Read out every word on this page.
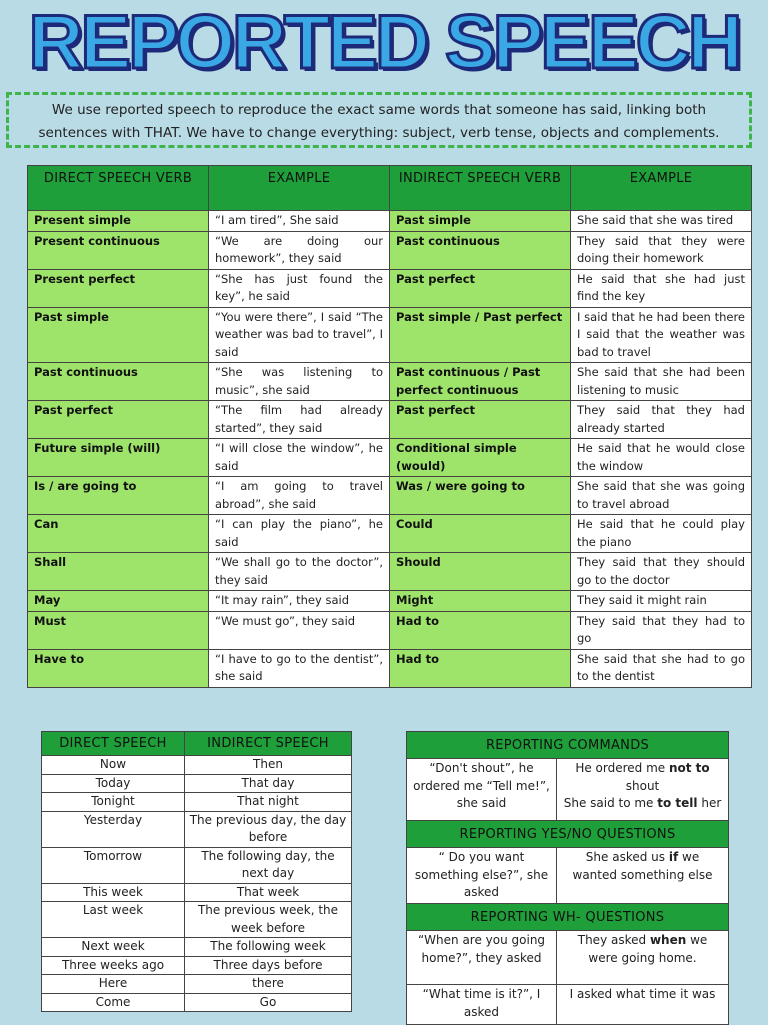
REPORTED SPEECH
We use reported speech to reproduce the exact same words that someone has said, linking both sentences with THAT. We have to change everything: subject, verb tense, objects and complements.
DIRECT SPEECH VERB	EXAMPLE	INDIRECT SPEECH VERB	EXAMPLE
Present simple	“I am tired”, She said	Past simple	She said that she was tired
Present continuous	“We are doing our homework”, they said	Past continuous	They said that they were doing their homework
Present perfect	“She has just found the key”, he said	Past perfect	He said that she had just find the key
Past simple	“You were there”, I said “The weather was bad to travel”, I said	Past simple / Past perfect	I said that he had been there I said that the weather was bad to travel
Past continuous	“She was listening to music”, she said	Past continuous / Past perfect continuous	She said that she had been listening to music
Past perfect	“The film had already started”, they said	Past perfect	They said that they had already started
Future simple (will)	“I will close the window”, he said	Conditional simple (would)	He said that he would close the window
Is / are going to	“I am going to travel abroad”, she said	Was / were going to	She said that she was going to travel abroad
Can	“I can play the piano”, he said	Could	He said that he could play the piano
Shall	“We shall go to the doctor”, they said	Should	They said that they should go to the doctor
May	“It may rain”, they said	Might	They said it might rain
Must	“We must go”, they said	Had to	They said that they had to go
Have to	“I have to go to the dentist”, she said	Had to	She said that she had to go to the dentist
DIRECT SPEECH	INDIRECT SPEECH
Now	Then
Today	That day
Tonight	That night
Yesterday	The previous day, the day before
Tomorrow	The following day, the next day
This week	That week
Last week	The previous week, the week before
Next week	The following week
Three weeks ago	Three days before
Here	there
Come	Go
REPORTING COMMANDS	
“Don't shout”, he ordered me “Tell me!”, she said	He ordered me not to shout
She said to me to tell her
REPORTING YES/NO QUESTIONS	
“ Do you want something else?”, she asked	She asked us if we wanted something else
REPORTING WH- QUESTIONS	
“When are you going home?”, they asked	They asked when we were going home.
“What time is it?”, I asked	I asked what time it was
